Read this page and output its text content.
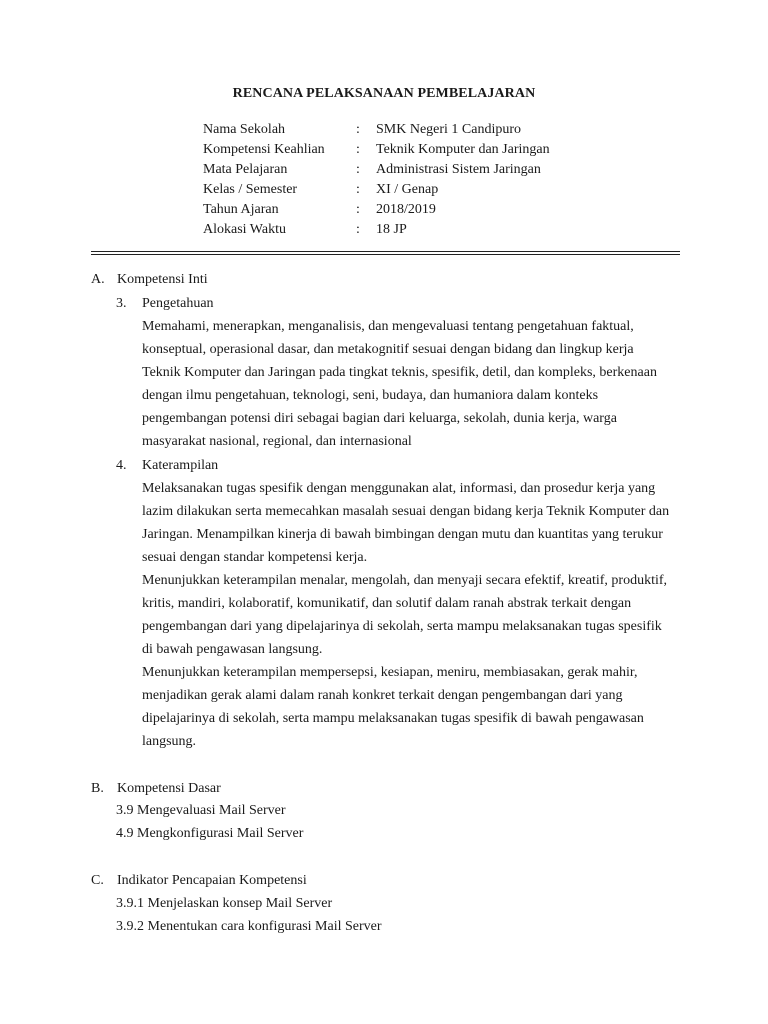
RENCANA PELAKSANAAN PEMBELAJARAN
Nama Sekolah	: SMK Negeri 1 Candipuro
Kompetensi Keahlian : Teknik Komputer dan Jaringan
Mata Pelajaran	: Administrasi Sistem Jaringan
Kelas / Semester	: XI / Genap
Tahun Ajaran	: 2018/2019
Alokasi Waktu	: 18 JP
A. Kompetensi Inti
3. Pengetahuan
Memahami, menerapkan, menganalisis, dan mengevaluasi tentang pengetahuan faktual,
konseptual, operasional dasar, dan metakognitif sesuai dengan bidang dan lingkup kerja
Teknik Komputer dan Jaringan pada tingkat teknis, spesifik, detil, dan kompleks, berkenaan
dengan ilmu pengetahuan, teknologi, seni, budaya, dan humaniora dalam konteks
pengembangan potensi diri sebagai bagian dari keluarga, sekolah, dunia kerja, warga
masyarakat nasional, regional, dan internasional
4. Katerampilan
Melaksanakan tugas spesifik dengan menggunakan alat, informasi, dan prosedur kerja yang
lazim dilakukan serta memecahkan masalah sesuai dengan bidang kerja Teknik Komputer dan
Jaringan. Menampilkan kinerja di bawah bimbingan dengan mutu dan kuantitas yang terukur
sesuai dengan standar kompetensi kerja.
Menunjukkan keterampilan menalar, mengolah, dan menyaji secara efektif, kreatif, produktif,
kritis, mandiri, kolaboratif, komunikatif, dan solutif dalam ranah abstrak terkait dengan
pengembangan dari yang dipelajarinya di sekolah, serta mampu melaksanakan tugas spesifik
di bawah pengawasan langsung.
Menunjukkan keterampilan mempersepsi, kesiapan, meniru, membiasakan, gerak mahir,
menjadikan gerak alami dalam ranah konkret terkait dengan pengembangan dari yang
dipelajarinya di sekolah, serta mampu melaksanakan tugas spesifik di bawah pengawasan
langsung.
B. Kompetensi Dasar
3.9 Mengevaluasi Mail Server
4.9 Mengkonfigurasi Mail Server
C. Indikator Pencapaian Kompetensi
3.9.1 Menjelaskan konsep Mail Server
3.9.2 Menentukan cara konfigurasi Mail Server
